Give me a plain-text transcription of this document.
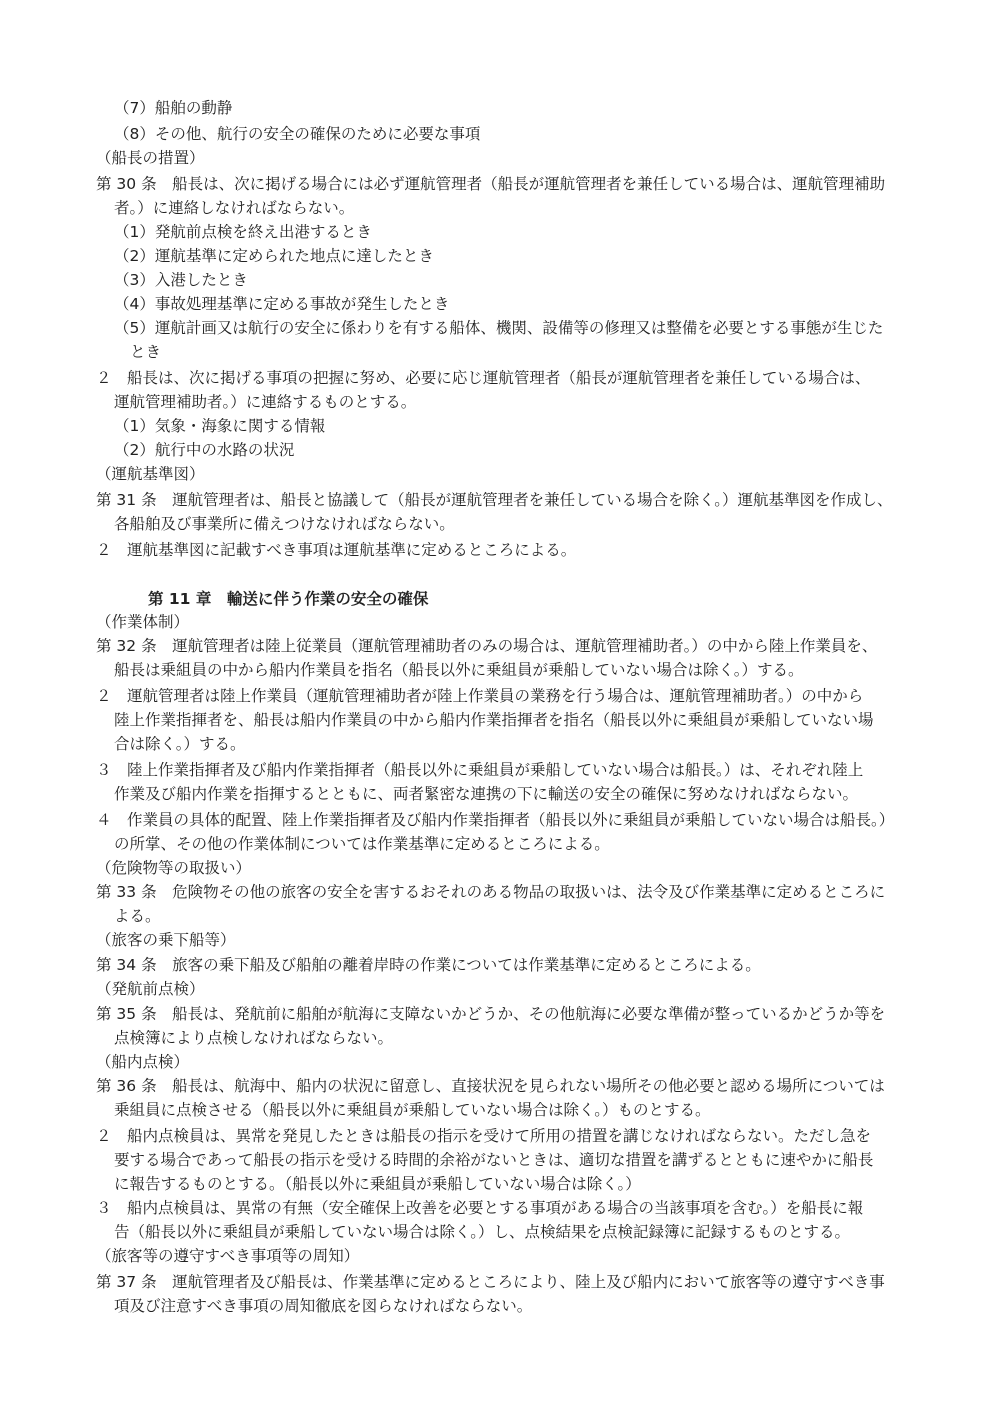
（7）船舶の動静
（8）その他、航行の安全の確保のために必要な事項
（船長の措置）
第 30 条　船長は、次に掲げる場合には必ず運航管理者（船長が運航管理者を兼任している場合は、運航管理補助
者。）に連絡しなければならない。
（1）発航前点検を終え出港するとき
（2）運航基準に定められた地点に達したとき
（3）入港したとき
（4）事故処理基準に定める事故が発生したとき
（5）運航計画又は航行の安全に係わりを有する船体、機関、設備等の修理又は整備を必要とする事態が生じた
とき
２　船長は、次に掲げる事項の把握に努め、必要に応じ運航管理者（船長が運航管理者を兼任している場合は、
運航管理補助者。）に連絡するものとする。
（1）気象・海象に関する情報
（2）航行中の水路の状況
（運航基準図）
第 31 条　運航管理者は、船長と協議して（船長が運航管理者を兼任している場合を除く。）運航基準図を作成し、
各船舶及び事業所に備えつけなければならない。
２　運航基準図に記載すべき事項は運航基準に定めるところによる。
第 11 章　輸送に伴う作業の安全の確保
（作業体制）
第 32 条　運航管理者は陸上従業員（運航管理補助者のみの場合は、運航管理補助者。）の中から陸上作業員を、
船長は乗組員の中から船内作業員を指名（船長以外に乗組員が乗船していない場合は除く。）する。
２　運航管理者は陸上作業員（運航管理補助者が陸上作業員の業務を行う場合は、運航管理補助者。）の中から
陸上作業指揮者を、船長は船内作業員の中から船内作業指揮者を指名（船長以外に乗組員が乗船していない場
合は除く。）する。
３　陸上作業指揮者及び船内作業指揮者（船長以外に乗組員が乗船していない場合は船長。）は、それぞれ陸上
作業及び船内作業を指揮するとともに、両者緊密な連携の下に輸送の安全の確保に努めなければならない。
４　作業員の具体的配置、陸上作業指揮者及び船内作業指揮者（船長以外に乗組員が乗船していない場合は船長。）
の所掌、その他の作業体制については作業基準に定めるところによる。
（危険物等の取扱い）
第 33 条　危険物その他の旅客の安全を害するおそれのある物品の取扱いは、法令及び作業基準に定めるところに
よる。
（旅客の乗下船等）
第 34 条　旅客の乗下船及び船舶の離着岸時の作業については作業基準に定めるところによる。
（発航前点検）
第 35 条　船長は、発航前に船舶が航海に支障ないかどうか、その他航海に必要な準備が整っているかどうか等を
点検簿により点検しなければならない。
（船内点検）
第 36 条　船長は、航海中、船内の状況に留意し、直接状況を見られない場所その他必要と認める場所については
乗組員に点検させる（船長以外に乗組員が乗船していない場合は除く。）ものとする。
２　船内点検員は、異常を発見したときは船長の指示を受けて所用の措置を講じなければならない。ただし急を
要する場合であって船長の指示を受ける時間的余裕がないときは、適切な措置を講ずるとともに速やかに船長
に報告するものとする。（船長以外に乗組員が乗船していない場合は除く。）
３　船内点検員は、異常の有無（安全確保上改善を必要とする事項がある場合の当該事項を含む。）を船長に報
告（船長以外に乗組員が乗船していない場合は除く。）し、点検結果を点検記録簿に記録するものとする。
（旅客等の遵守すべき事項等の周知）
第 37 条　運航管理者及び船長は、作業基準に定めるところにより、陸上及び船内において旅客等の遵守すべき事
項及び注意すべき事項の周知徹底を図らなければならない。
